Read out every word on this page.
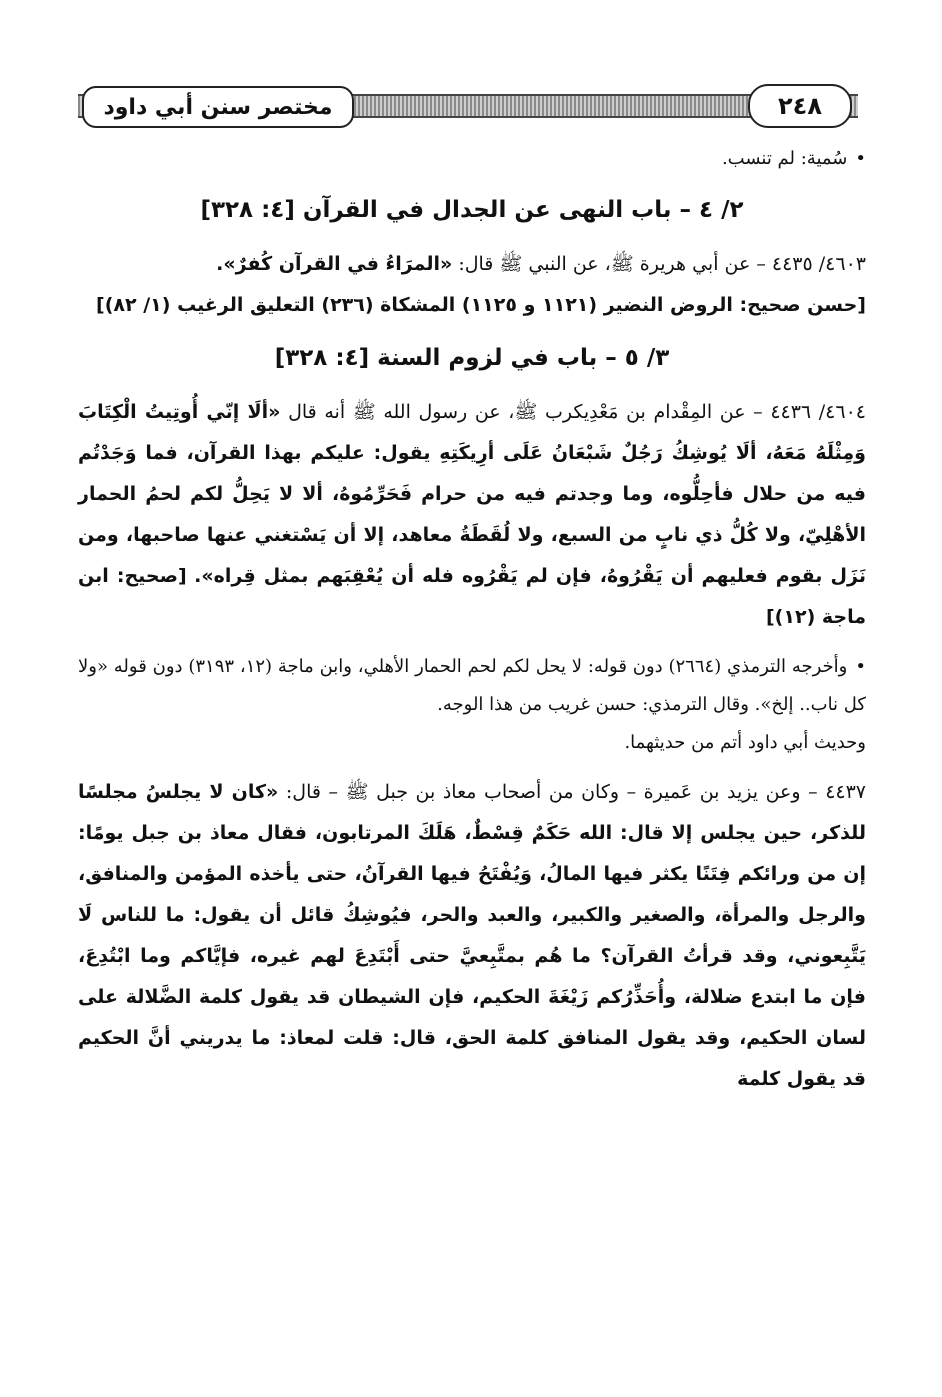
مختصر سنن أبي داود	٢٤٨

• سُمية: لم تنسب.

٢/ ٤ – باب النهى عن الجدال في القرآن [٤: ٣٢٨]

٤٦٠٣/ ٤٤٣٥ – عن أبي هريرة ﷺ، عن النبي ﷺ قال: «المرَاءُ في القرآن كُفرٌ».

[حسن صحيح: الروض النضير (١١٢١ و ١١٢٥) المشكاة (٢٣٦) التعليق الرغيب (١/ ٨٢)]

٣/ ٥ – باب في لزوم السنة [٤: ٣٢٨]

٤٦٠٤/ ٤٤٣٦ – عن المِقْدام بن مَعْدِيكرب ﷺ، عن رسول الله ﷺ أنه قال «ألَا إنّي أُوتِيتُ الْكِتَابَ وَمِثْلَهُ مَعَهُ، ألَا يُوشِكُ رَجُلٌ شَبْعَانُ عَلَى أرِيكَتِهِ يقول: عليكم بهذا القرآن، فما وَجَدْتُم فيه من حلال فأحِلُّوه، وما وجدتم فيه من حرام فَحَرِّمُوهُ، ألا لا يَحِلُّ لكم لحمُ الحمار الأهْلِيّ، ولا كُلُّ ذي نابٍ من السبع، ولا لُقَطَةُ معاهد، إلا أن يَسْتغني عنها صاحبها، ومن نَزَل بقوم فعليهم أن يَقْرُوهُ، فإن لم يَقْرُوه فله أن يُعْقِبَهم بمثل قِراه». [صحيح: ابن ماجة (١٢)]

• وأخرجه الترمذي (٢٦٦٤) دون قوله: لا يحل لكم لحم الحمار الأهلي، وابن ماجة (١٢، ٣١٩٣) دون قوله «ولا كل ناب.. إلخ». وقال الترمذي: حسن غريب من هذا الوجه.

وحديث أبي داود أتم من حديثهما.

٤٤٣٧ – وعن يزيد بن عَميرة – وكان من أصحاب معاذ بن جبل ﷺ – قال: «كان لا يجلسُ مجلسًا للذكر، حين يجلس إلا قال: الله حَكَمٌ قِسْطٌ، هَلَكَ المرتابون، فقال معاذ بن جبل يومًا: إن من ورائكم فِتَنًا يكثر فيها المالُ، وَيُفْتَحُ فيها القرآنُ، حتى يأخذه المؤمن والمنافق، والرجل والمرأة، والصغير والكبير، والعبد والحر، فيُوشِكُ قائل أن يقول: ما للناس لَا يَتَّبِعوني، وقد قرأتُ القرآن؟ ما هُم بمتَّبِعيَّ حتى أَبْتَدِعَ لهم غيره، فإيَّاكم وما ابْتُدِعَ، فإن ما ابتدع ضلالة، وأُحَذِّرُكم زَيْغَةَ الحكيم، فإن الشيطان قد يقول كلمة الضَّلالة على لسان الحكيم، وقد يقول المنافق كلمة الحق، قال: قلت لمعاذ: ما يدريني أنَّ الحكيم قد يقول كلمة
